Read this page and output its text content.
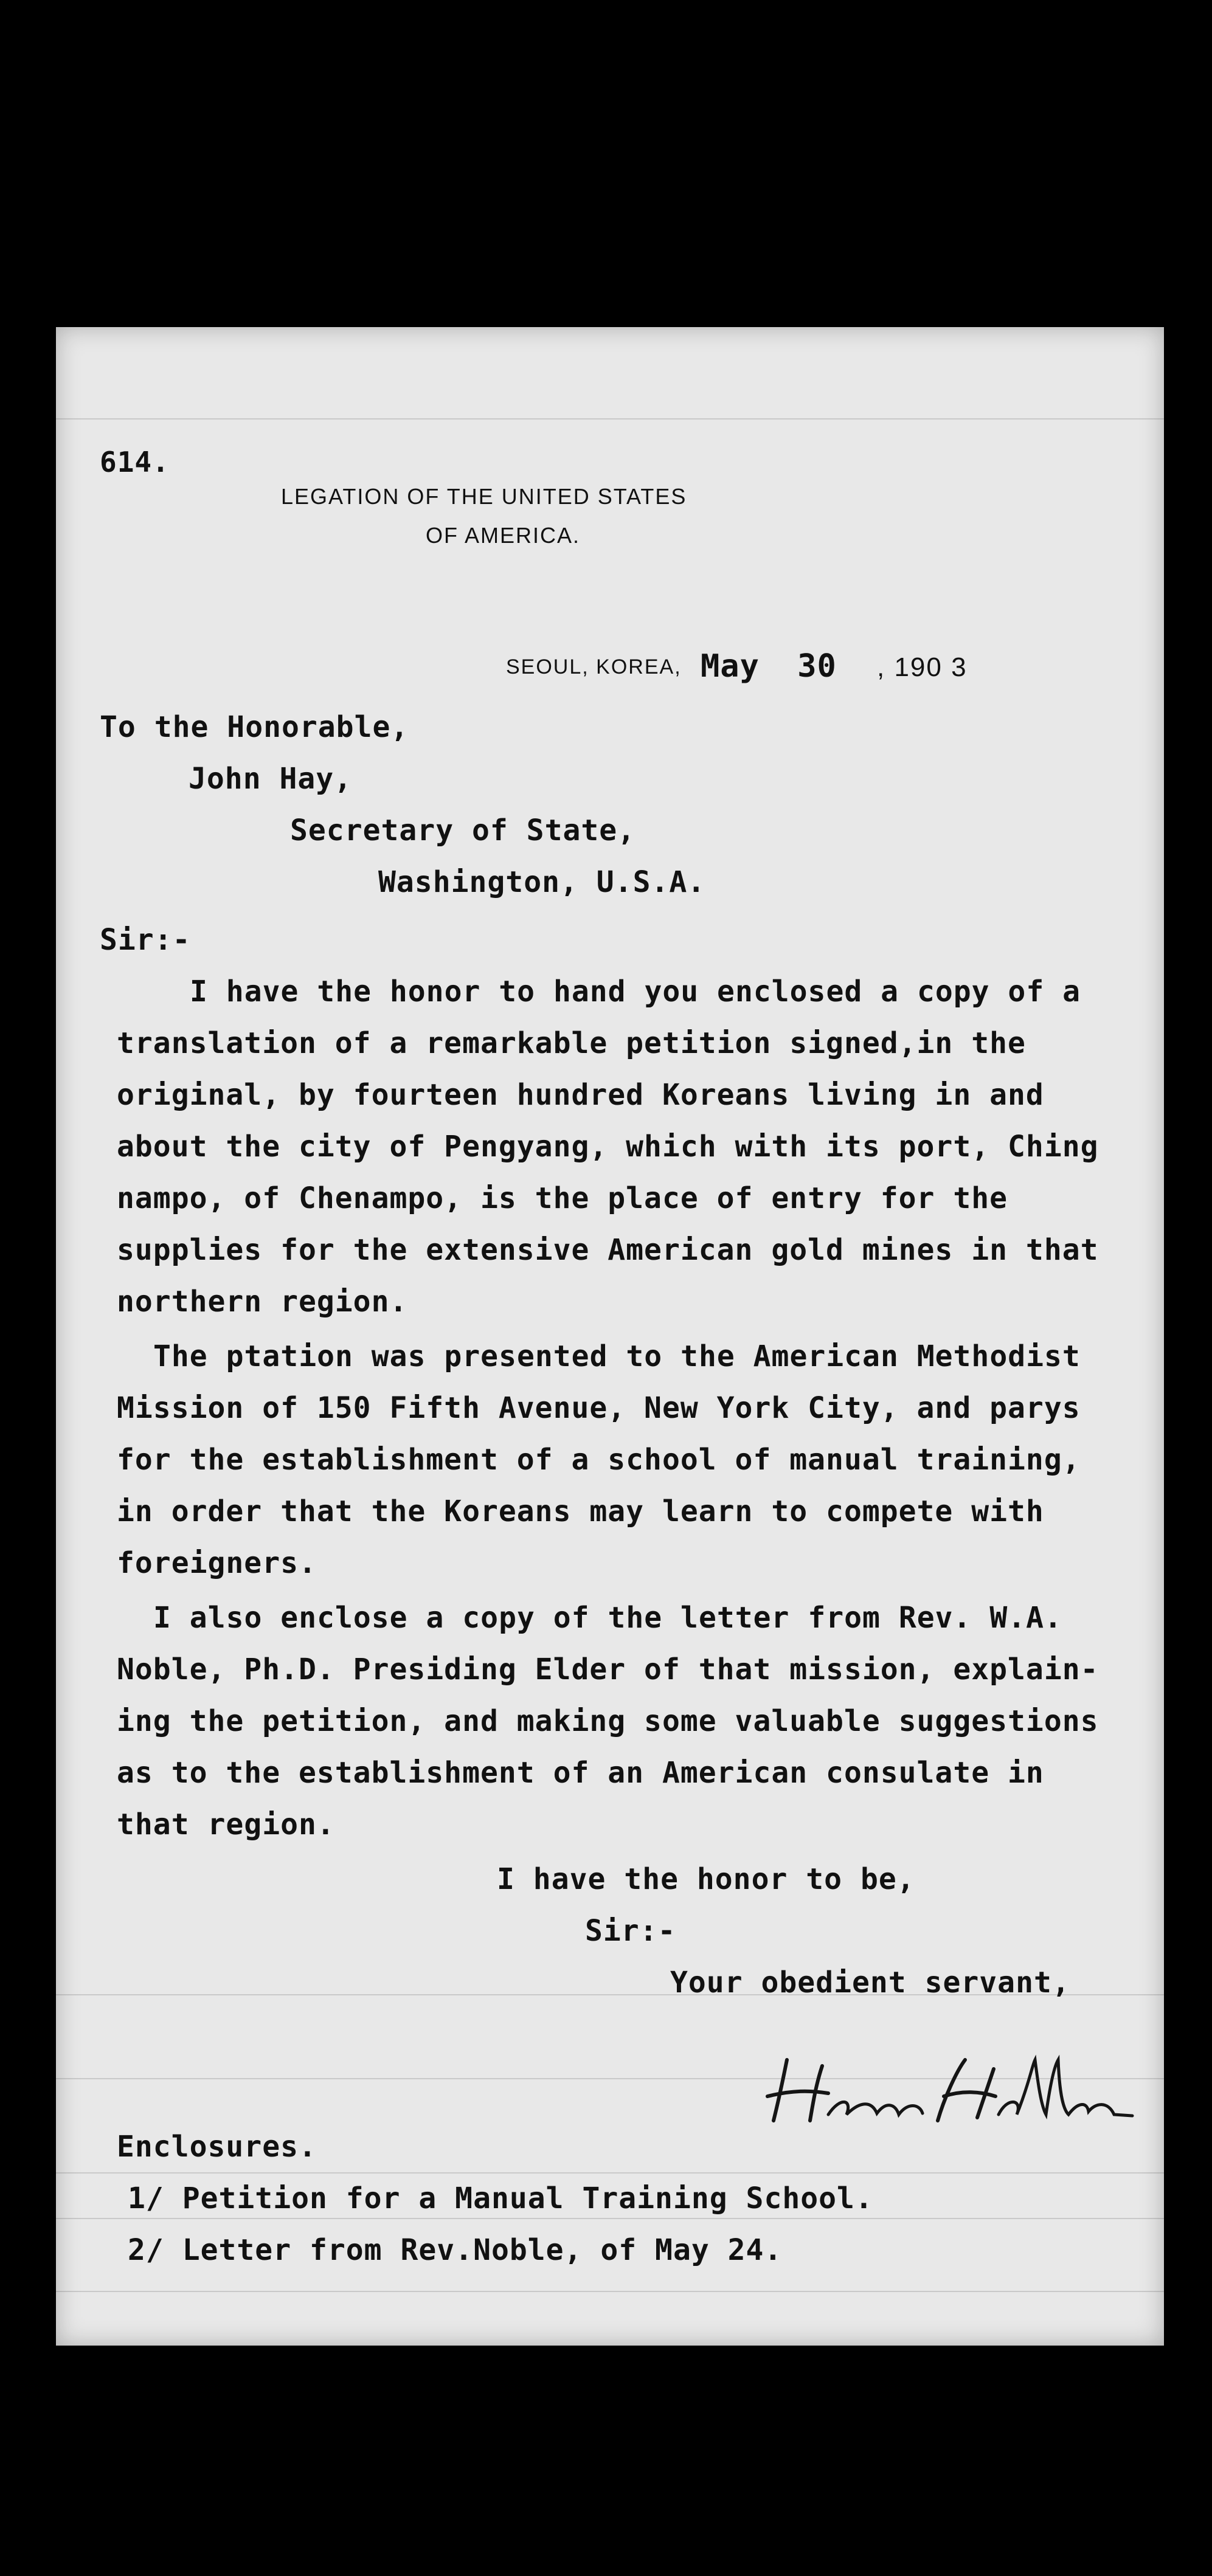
614.
LEGATION OF THE UNITED STATES
OF AMERICA.
SEOUL, KOREA, May 30 , 190 3
To the Honorable,
John Hay,
Secretary of State,
Washington, U.S.A.
Sir:-
I have the honor to hand you enclosed a copy of a
translation of a remarkable petition signed,in the
original, by fourteen hundred Koreans living in and
about the city of Pengyang, which with its port, Ching
nampo, of Chenampo, is the place of entry for the
supplies for the extensive American gold mines in that
northern region.
The ptation was presented to the American Methodist
Mission of 150 Fifth Avenue, New York City, and parys
for the establishment of a school of manual training,
in order that the Koreans may learn to compete with
foreigners.
I also enclose a copy of the letter from Rev. W.A.
Noble, Ph.D. Presiding Elder of that mission, explain-
ing the petition, and making some valuable suggestions
as to the establishment of an American consulate in
that region.
I have the honor to be,
Sir:-
Your obedient servant,
Enclosures.
1/ Petition for a Manual Training School.
2/ Letter from Rev.Noble, of May 24.
